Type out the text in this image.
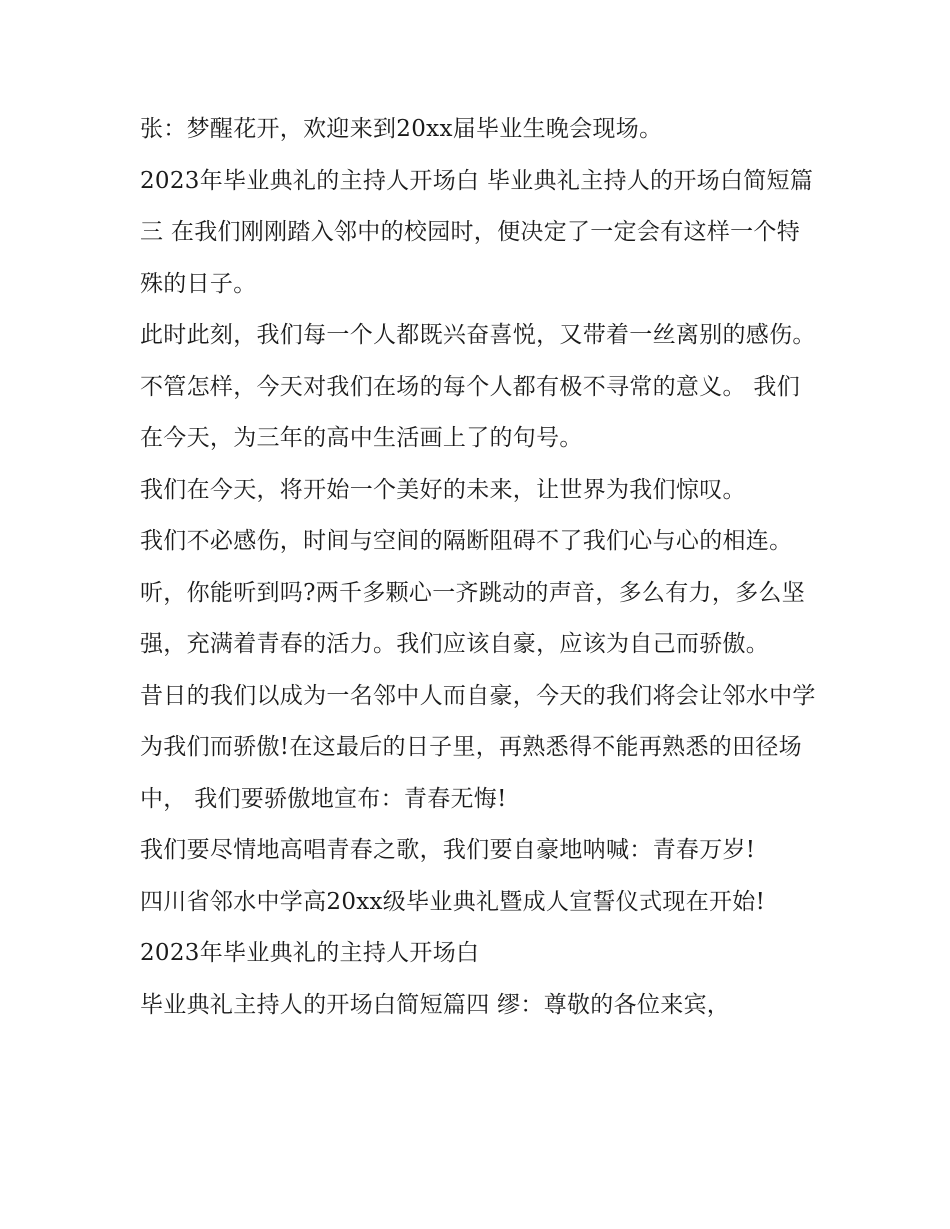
张：梦醒花开，欢迎来到20xx届毕业生晚会现场。

2023年毕业典礼的主持人开场白 毕业典礼主持人的开场白简短篇三 在我们刚刚踏入邻中的校园时，便决定了一定会有这样一个特殊的日子。

此时此刻，我们每一个人都既兴奋喜悦，又带着一丝离别的感伤。 不管怎样，今天对我们在场的每个人都有极不寻常的意义。 我们在今天，为三年的高中生活画上了的句号。

我们在今天，将开始一个美好的未来，让世界为我们惊叹。

我们不必感伤，时间与空间的隔断阻碍不了我们心与心的相连。

听，你能听到吗?两千多颗心一齐跳动的声音，多么有力，多么坚强，充满着青春的活力。我们应该自豪，应该为自己而骄傲。

昔日的我们以成为一名邻中人而自豪，今天的我们将会让邻水中学为我们而骄傲!在这最后的日子里，再熟悉得不能再熟悉的田径场中， 我们要骄傲地宣布：青春无悔!

我们要尽情地高唱青春之歌，我们要自豪地呐喊：青春万岁!

四川省邻水中学高20xx级毕业典礼暨成人宣誓仪式现在开始!

2023年毕业典礼的主持人开场白

毕业典礼主持人的开场白简短篇四 缪：尊敬的各位来宾，
